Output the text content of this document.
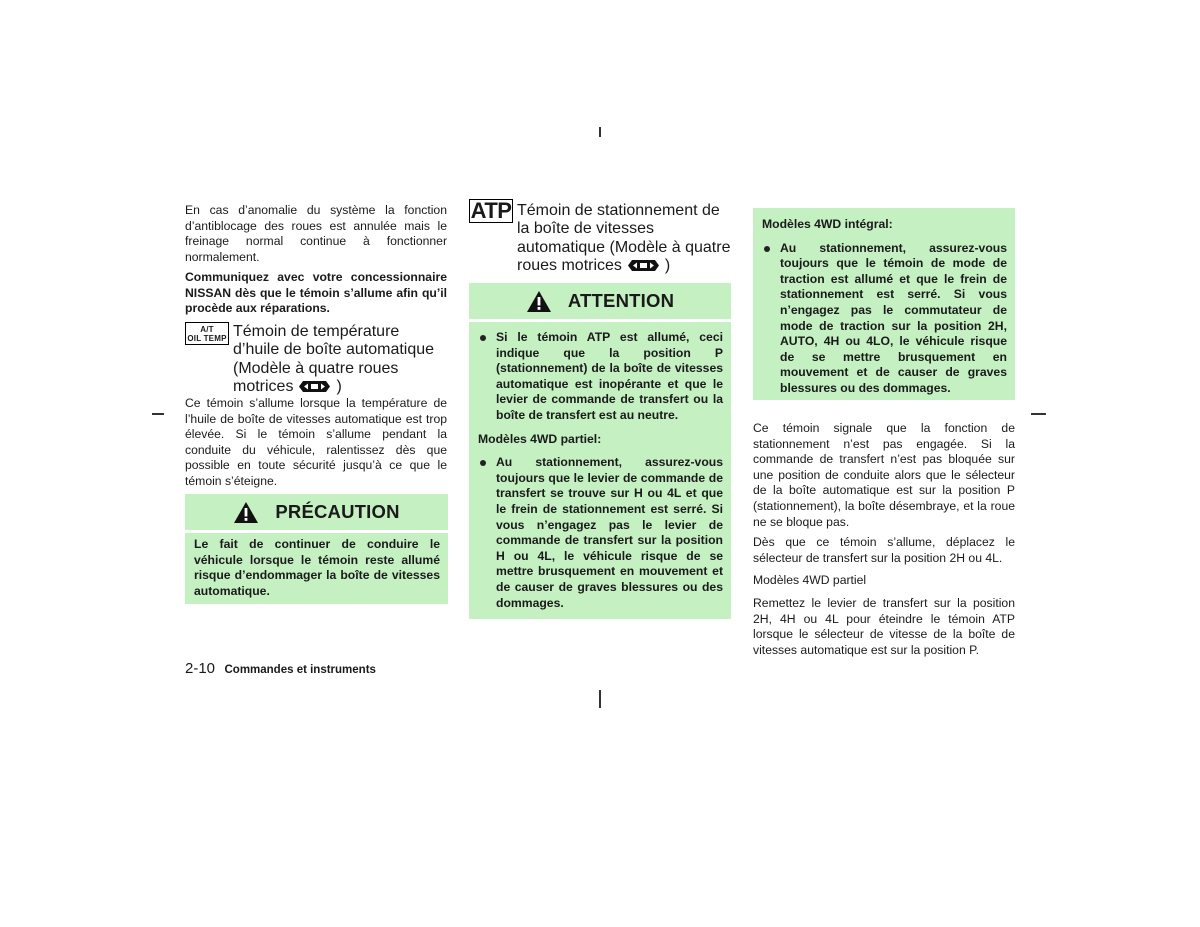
En cas d’anomalie du système la fonction d’antiblocage des roues est annulée mais le freinage normal continue à fonctionner normalement.

Communiquez avec votre concessionnaire NISSAN dès que le témoin s’allume afin qu’il procède aux réparations.

A/T
OIL TEMP Témoin de température
d’huile de boîte automatique
(Modèle à quatre roues
motrices	)

Ce témoin s’allume lorsque la température de l’huile de boîte de vitesses automatique est trop élevée. Si le témoin s’allume pendant la conduite du véhicule, ralentissez dès que possible en toute sécurité jusqu’à ce que le témoin s’éteigne.

PRÉCAUTION

Le fait de continuer de conduire le véhicule lorsque le témoin reste allumé risque d’endommager la boîte de vitesses automatique.

ATP Témoin de stationnement de
la boîte de vitesses
automatique (Modèle à quatre
roues motrices	)
ATTENTION

Si le témoin ATP est allumé, ceci indique que la position P (stationnement) de la boîte de vitesses automatique est inopérante et que le levier de commande de transfert ou la boîte de transfert est au neutre.

Modèles 4WD partiel:

Au stationnement, assurez-vous toujours que le levier de commande de transfert se trouve sur H ou 4L et que le frein de stationnement est serré. Si vous n’engagez pas le levier de commande de transfert sur la position H ou 4L, le véhicule risque de se mettre brusquement en mouvement et de causer de graves blessures ou des dommages.

Modèles 4WD intégral:

Au stationnement, assurez-vous toujours que le témoin de mode de traction est allumé et que le frein de stationnement est serré. Si vous n’engagez pas le commutateur de mode de traction sur la position 2H, AUTO, 4H ou 4LO, le véhicule risque de se mettre brusquement en mouvement et de causer de graves blessures ou des dommages.

Ce témoin signale que la fonction de stationnement n’est pas engagée. Si la commande de transfert n’est pas bloquée sur une position de conduite alors que le sélecteur de la boîte automatique est sur la position P (stationnement), la boîte désembraye, et la roue ne se bloque pas.

Dès que ce témoin s’allume, déplacez le sélecteur de transfert sur la position 2H ou 4L.

Modèles 4WD partiel

Remettez le levier de transfert sur la position 2H, 4H ou 4L pour éteindre le témoin ATP lorsque le sélecteur de vitesse de la boîte de vitesses automatique est sur la position P.

2-10 Commandes et instruments
